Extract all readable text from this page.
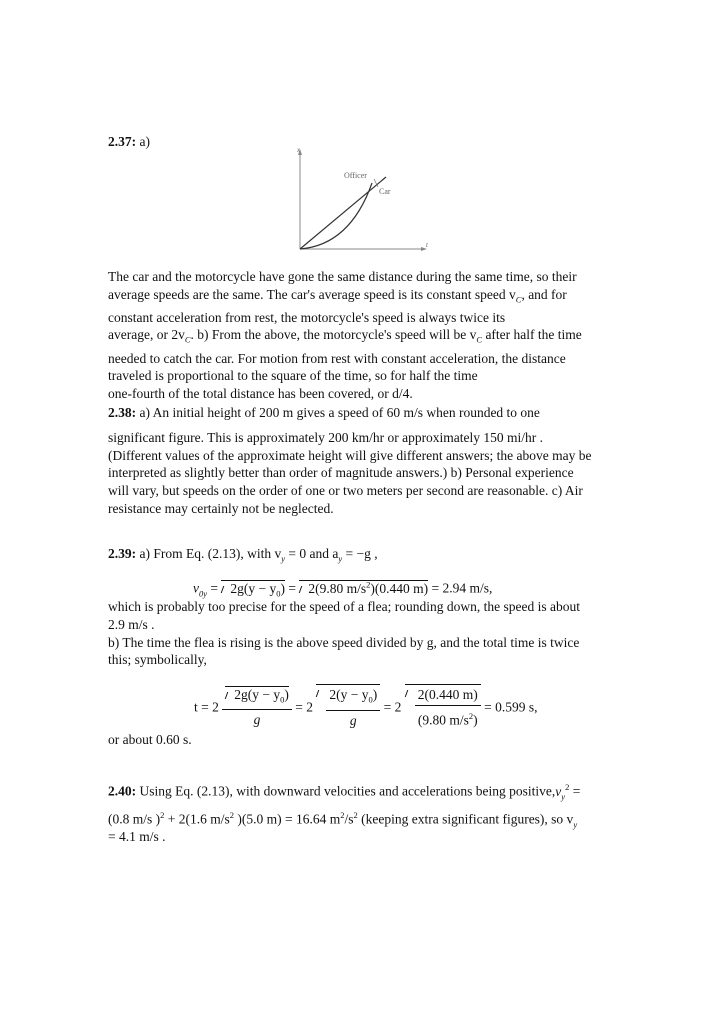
2.37: a)
x
t
Officer
Car
The car and the motorcycle have gone the same distance during the same time, so their
average speeds are the same. The car's average speed is its constant speed $v_C$, and for
constant acceleration from rest, the motorcycle's speed is always twice its
average, or $2v_C$. b) From the above, the motorcycle's speed will be $v_C$ after half the time
needed to catch the car. For motion from rest with constant acceleration, the distance
traveled is proportional to the square of the time, so for half the time
one-fourth of the total distance has been covered, or d/4.
2.38: a) An initial height of 200 m gives a speed of 60 m/s when rounded to one
significant figure. This is approximately 200 km/hr or approximately 150 mi/hr .
(Different values of the approximate height will give different answers; the above may be
interpreted as slightly better than order of magnitude answers.) b) Personal experience
will vary, but speeds on the order of one or two meters per second are reasonable. c) Air
resistance may certainly not be neglected.
2.39: a) From Eq. (2.13), with $v_y = 0$ and $a_y = -g$ ,
$v_{0y} = 2g(y - y_0) = 2(9.80$ $m/s^2)(0.440$ m) = 2.94 m/s,
which is probably too precise for the speed of a flea; rounding down, the speed is about
2.9 m/s .
b) The time the flea is rising is the above speed divided by g, and the total time is twice
this; symbolically,
$t = 2 \frac{2g(y - y_0)}{g} = 2 \frac{2(y - y_0)}{g} = 2 \frac{2(0.440 m)}{(9.80 m/s^2)} = 0.599$ s,
or about 0.60 s.
2.40: Using Eq. (2.13), with downward velocities and accelerations being $positive,v_y^2$ =
(0.8 m/s )$^2$ + 2(1.6 $m/s^2$ )(5.0 m) = 16.64 $m^2/s^2$ (keeping extra significant figures), so $v_y$
= 4.1 m/s .
